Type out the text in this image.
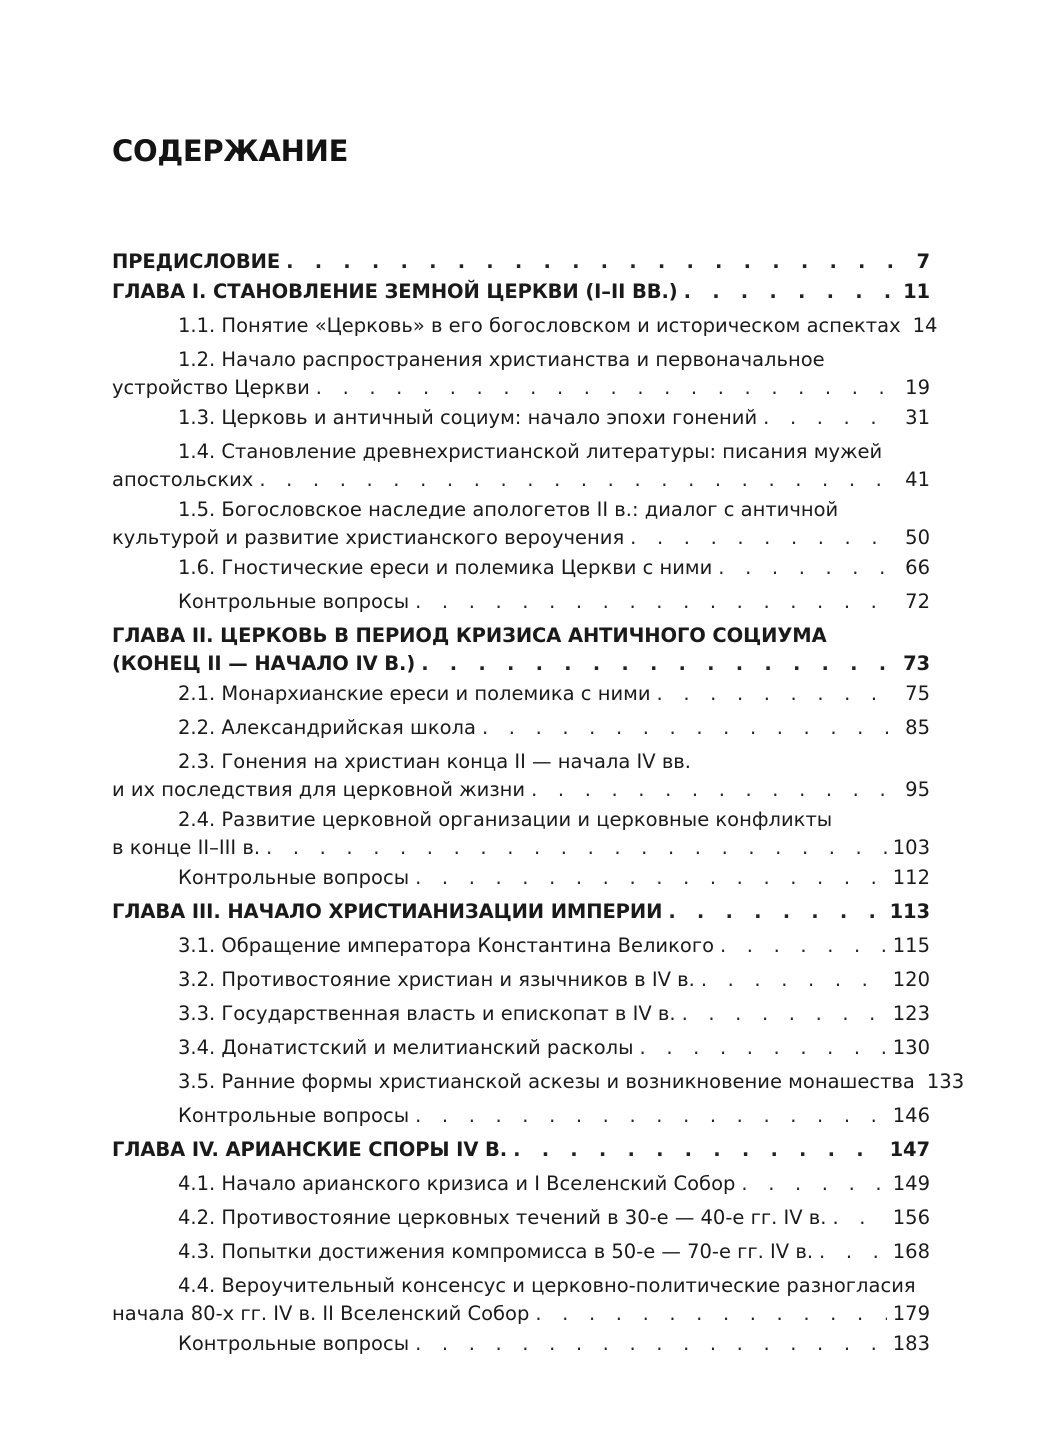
СОДЕРЖАНИЕ
ПРЕДИСЛОВИЕ . . .	7
ГЛАВА I. СТАНОВЛЕНИЕ ЗЕМНОЙ ЦЕРКВИ (I–II ВВ.) . . .	11
1.1. Понятие «Церковь» в его богословском и историческом аспектах 14
1.2. Начало распространения христианства и первоначальное
устройство Церкви . . .	19
1.3. Церковь и античный социум: начало эпохи гонений . . .	31
1.4. Становление древнехристианской литературы: писания мужей
апостольских . . .	41
1.5. Богословское наследие апологетов II в.: диалог с античной
культурой и развитие христианского вероучения . . .	50
1.6. Гностические ереси и полемика Церкви с ними . . .	66
Контрольные вопросы . . .	72
ГЛАВА II. ЦЕРКОВЬ В ПЕРИОД КРИЗИСА АНТИЧНОГО СОЦИУМА
(КОНЕЦ II — НАЧАЛО IV В.) . . .	73
2.1. Монархианские ереси и полемика с ними . . .	75
2.2. Александрийская школа . . .	85
2.3. Гонения на христиан конца II — начала IV вв.
и их последствия для церковной жизни . . .	95
2.4. Развитие церковной организации и церковные конфликты
в конце II–III в. . . .	103
Контрольные вопросы . . .	112
ГЛАВА III. НАЧАЛО ХРИСТИАНИЗАЦИИ ИМПЕРИИ . . .	113
3.1. Обращение императора Константина Великого . . .	115
3.2. Противостояние христиан и язычников в IV в. . . .	120
3.3. Государственная власть и епископат в IV в. . . .	123
3.4. Донатистский и мелитианский расколы . . .	130
3.5. Ранние формы христианской аскезы и возникновение монашества 133
Контрольные вопросы . . .	146
ГЛАВА IV. АРИАНСКИЕ СПОРЫ IV В. . . .	147
4.1. Начало арианского кризиса и I Вселенский Собор . . .	149
4.2. Противостояние церковных течений в 30-е — 40-е гг. IV в. . . .	156
4.3. Попытки достижения компромисса в 50-е — 70-е гг. IV в. . . .	168
4.4. Вероучительный консенсус и церковно-политические разногласия
начала 80-х гг. IV в. II Вселенский Собор . . .	179
Контрольные вопросы . . .	183
